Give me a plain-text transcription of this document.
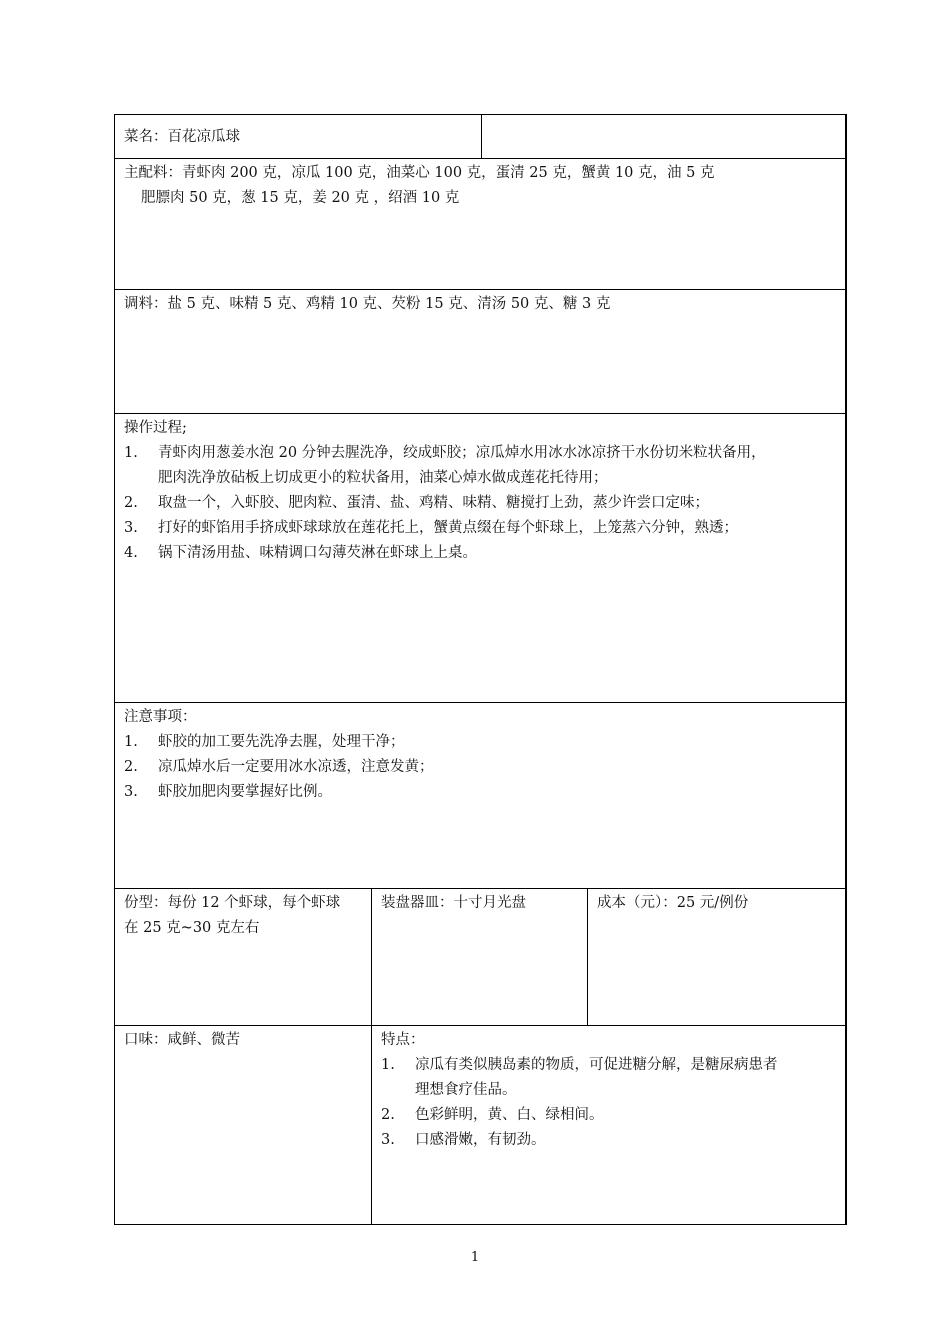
菜名：百花凉瓜球
主配料：青虾肉 200 克，凉瓜 100 克，油菜心 100 克，蛋清 25 克，蟹黄 10 克，油 5 克
肥膘肉 50 克，葱 15 克，姜 20 克 ，绍酒 10 克
调料：盐 5 克、味精 5 克、鸡精 10 克、芡粉 15 克、清汤 50 克、糖 3 克
操作过程;
1. 青虾肉用葱姜水泡 20 分钟去腥洗净，绞成虾胶；凉瓜焯水用冰水冰凉挤干水份切米粒状备用，
肥肉洗净放砧板上切成更小的粒状备用，油菜心焯水做成莲花托待用；
2. 取盘一个，入虾胶、肥肉粒、蛋清、盐、鸡精、味精、糖搅打上劲，蒸少许尝口定味；
3. 打好的虾馅用手挤成虾球球放在莲花托上，蟹黄点缀在每个虾球上，上笼蒸六分钟，熟透；
4. 锅下清汤用盐、味精调口勾薄芡淋在虾球上上桌。
注意事项：
1. 虾胶的加工要先洗净去腥，处理干净；
2. 凉瓜焯水后一定要用冰水凉透，注意发黄；
3. 虾胶加肥肉要掌握好比例。
份型：每份 12 个虾球，每个虾球
在 25 克~30 克左右
装盘器皿：十寸月光盘	成本（元）：25 元/例份
口味：咸鲜、微苦	特点：
1. 凉瓜有类似胰岛素的物质，可促进糖分解，是糖尿病患者
理想食疗佳品。
2. 色彩鲜明，黄、白、绿相间。
3. 口感滑嫩，有韧劲。
1
